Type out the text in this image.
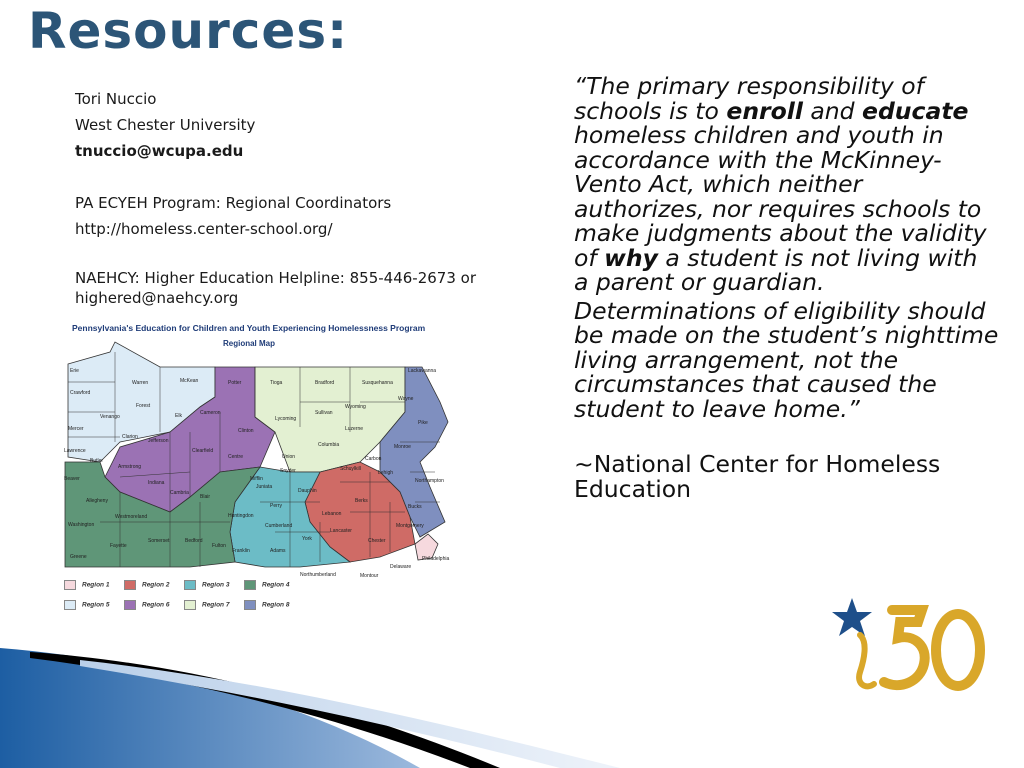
Resources:
Tori Nuccio
West Chester University
tnuccio@wcupa.edu
PA ECYEH Program: Regional Coordinators
http://homeless.center-school.org/
NAEHCY: Higher Education Helpline: 855-446-2673 or highered@naehcy.org
Pennsylvania's Education for Children and Youth Experiencing Homelessness Program
Regional Map
Erie
Crawford
Warren	McKean	Potter	Tioga	Bradford	Susquehanna
Wayne
Lackawanna
Mercer
Venango
Forest
Elk	Cameron
Clinton
Lycoming
Sullivan
Wyoming
Pike
Lawrence
Clarion
Jefferson
Clearfield
Centre
Luzerne
Columbia	Monroe
Butler
Armstrong
Indiana
Union
Snyder
Carbon
Northampton
Beaver
Allegheny
Cambria
Blair
Mifflin
Juniata
Dauphin
Schuylkill
Lehigh
Bucks
Washington
Westmoreland	Huntingdon
Perry
Lebanon
Berks
Montgomery
Greene
Fayette
Somerset	Bedford
Fulton
Franklin
Cumberland
Adams
York
Lancaster
Chester
Philadelphia
Delaware
Northumberland	Montour
Region 1	Region 2	Region 3	Region 4
Region 5	Region 6	Region 7	Region 8

“The primary responsibility of schools is to enroll and educate homeless children and youth in accordance with the McKinney-Vento Act, which neither authorizes, nor requires schools to make judgments about the validity of why a student is not living with a parent or guardian.

Determinations of eligibility should be made on the student’s nighttime living arrangement, not the circumstances that caused the student to leave home.”

~National Center for Homeless Education
